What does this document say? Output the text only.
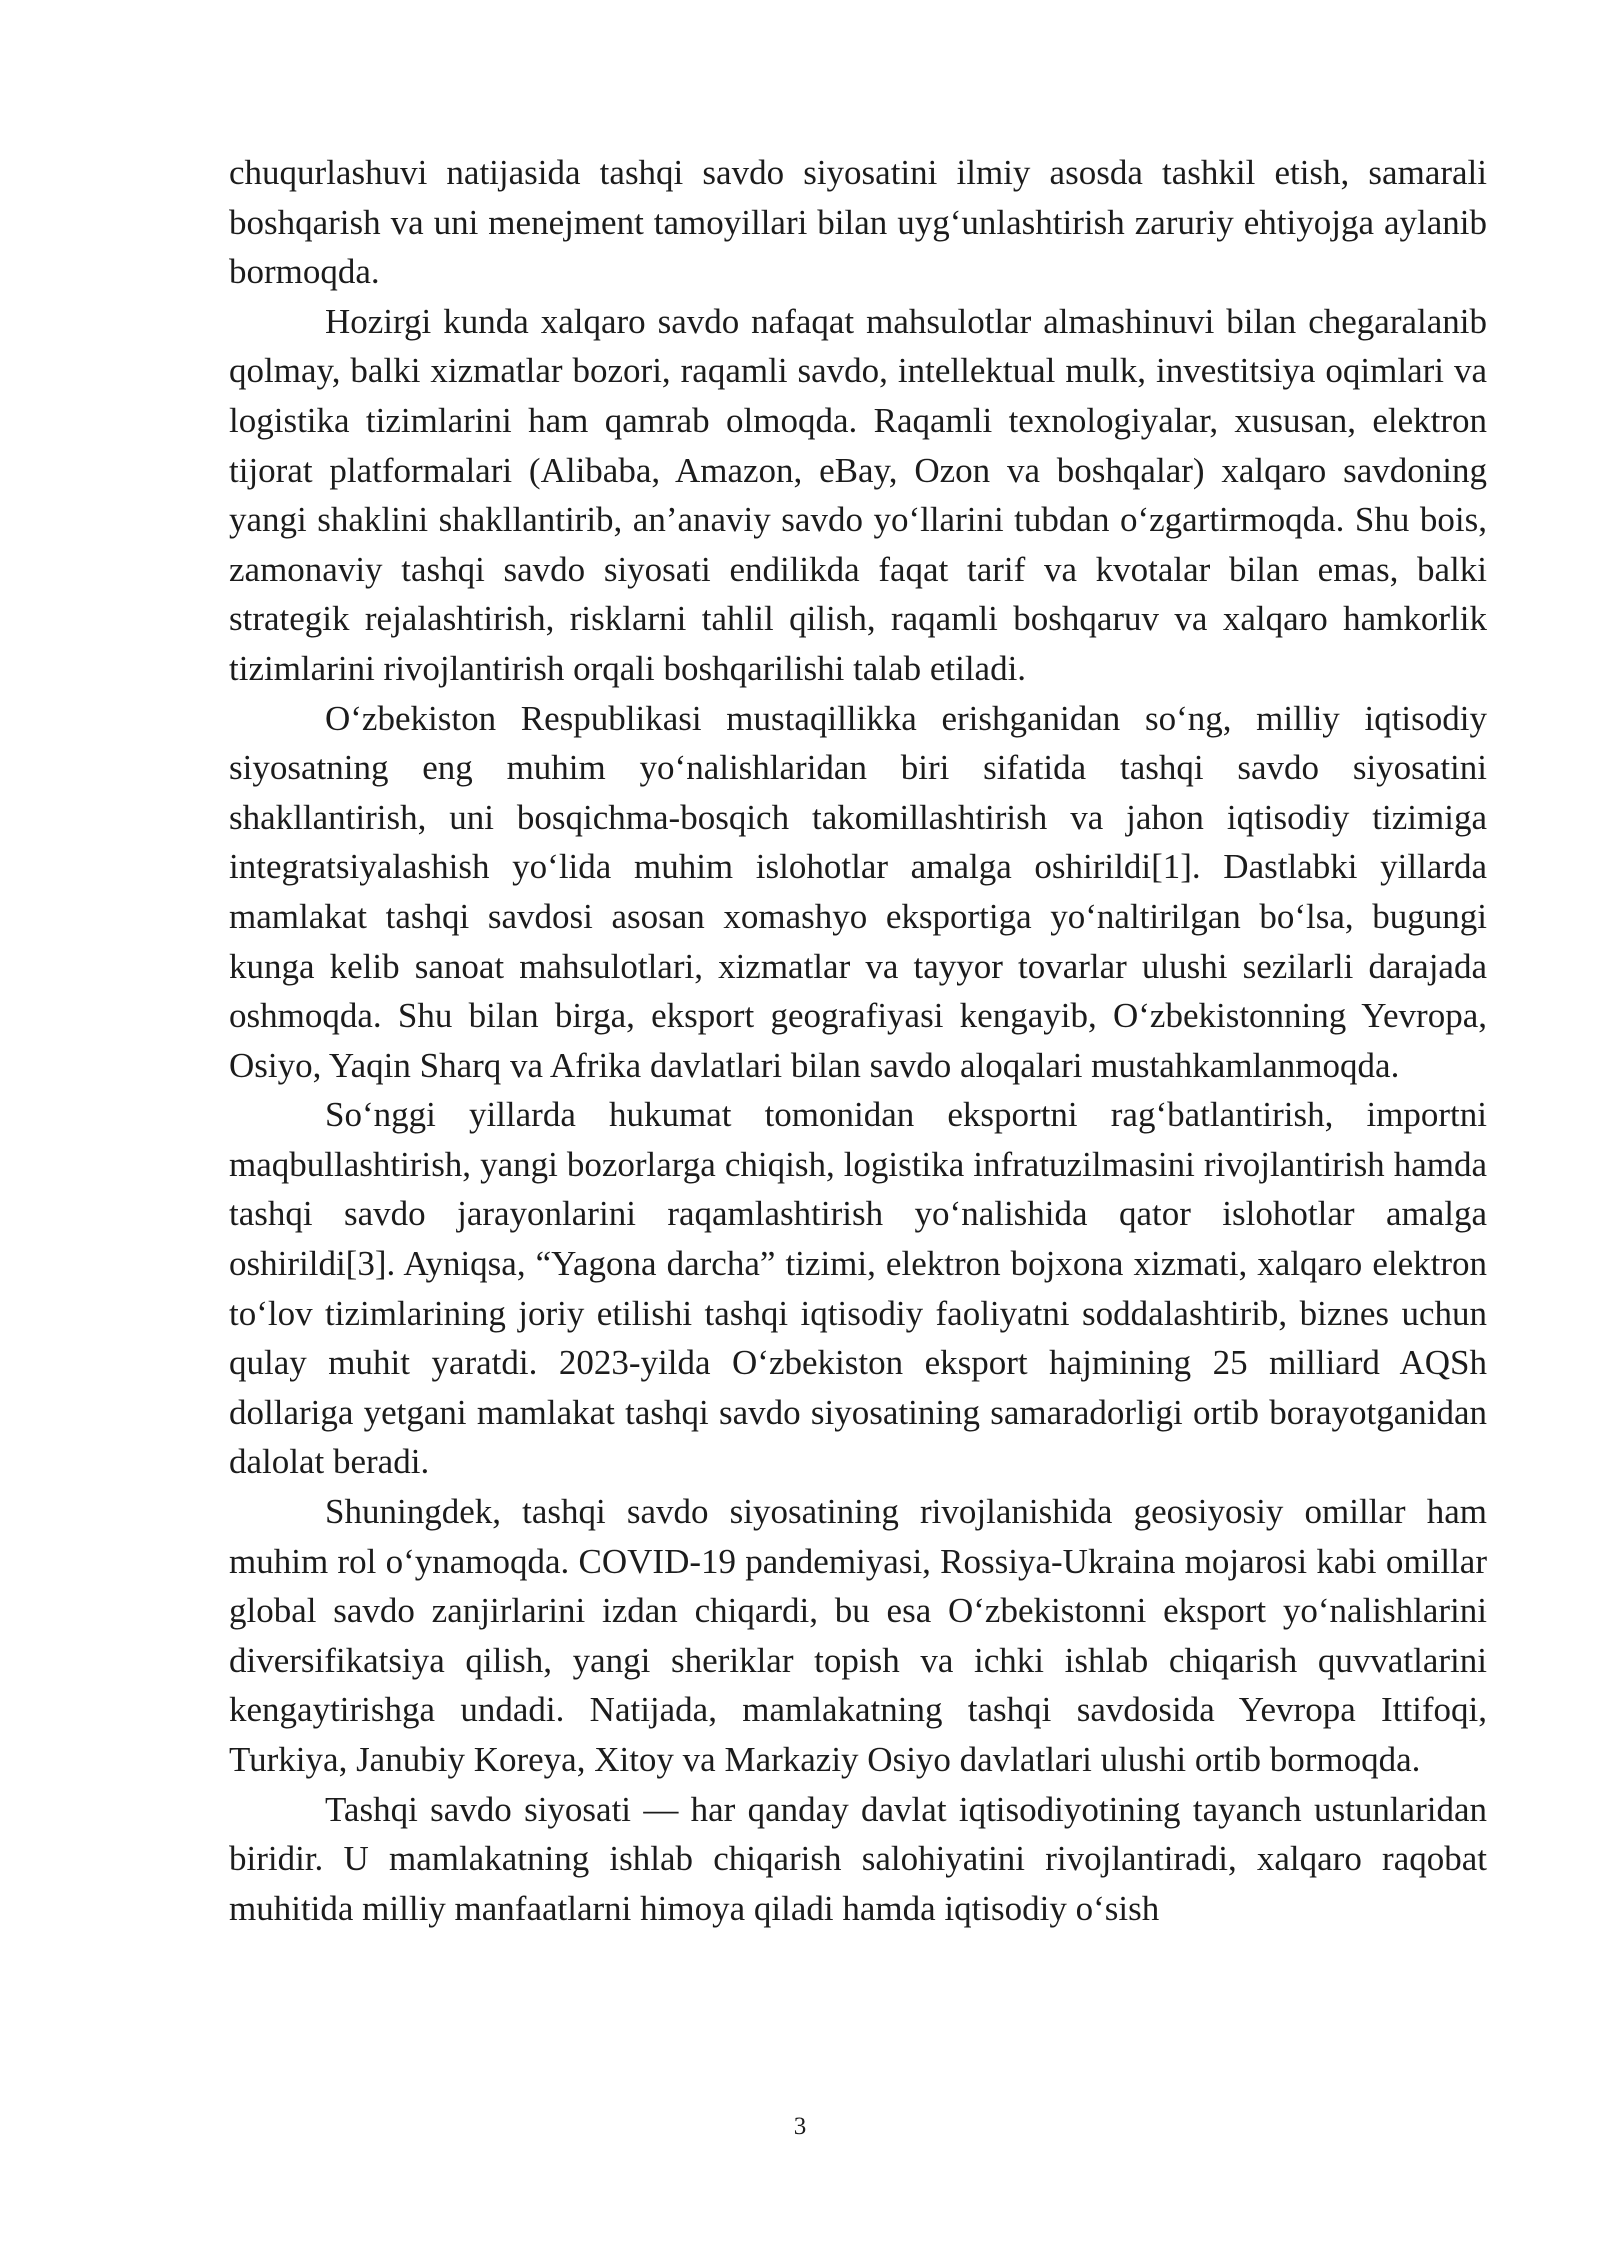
chuqurlashuvi natijasida tashqi savdo siyosatini ilmiy asosda tashkil etish, samarali boshqarish va uni menejment tamoyillari bilan uyg‘unlashtirish zaruriy ehtiyojga aylanib bormoqda.

Hozirgi kunda xalqaro savdo nafaqat mahsulotlar almashinuvi bilan chegaralanib qolmay, balki xizmatlar bozori, raqamli savdo, intellektual mulk, investitsiya oqimlari va logistika tizimlarini ham qamrab olmoqda. Raqamli texnologiyalar, xususan, elektron tijorat platformalari (Alibaba, Amazon, eBay, Ozon va boshqalar) xalqaro savdoning yangi shaklini shakllantirib, an’anaviy savdo yo‘llarini tubdan o‘zgartirmoqda. Shu bois, zamonaviy tashqi savdo siyosati endilikda faqat tarif va kvotalar bilan emas, balki strategik rejalashtirish, risklarni tahlil qilish, raqamli boshqaruv va xalqaro hamkorlik tizimlarini rivojlantirish orqali boshqarilishi talab etiladi.

O‘zbekiston Respublikasi mustaqillikka erishganidan so‘ng, milliy iqtisodiy siyosatning eng muhim yo‘nalishlaridan biri sifatida tashqi savdo siyosatini shakllantirish, uni bosqichma-bosqich takomillashtirish va jahon iqtisodiy tizimiga integratsiyalashish yo‘lida muhim islohotlar amalga oshirildi[1]. Dastlabki yillarda mamlakat tashqi savdosi asosan xomashyo eksportiga yo‘naltirilgan bo‘lsa, bugungi kunga kelib sanoat mahsulotlari, xizmatlar va tayyor tovarlar ulushi sezilarli darajada oshmoqda. Shu bilan birga, eksport geografiyasi kengayib, O‘zbekistonning Yevropa, Osiyo, Yaqin Sharq va Afrika davlatlari bilan savdo aloqalari mustahkamlanmoqda.

So‘nggi yillarda hukumat tomonidan eksportni rag‘batlantirish, importni maqbullashtirish, yangi bozorlarga chiqish, logistika infratuzilmasini rivojlantirish hamda tashqi savdo jarayonlarini raqamlashtirish yo‘nalishida qator islohotlar amalga oshirildi[3]. Ayniqsa, “Yagona darcha” tizimi, elektron bojxona xizmati, xalqaro elektron to‘lov tizimlarining joriy etilishi tashqi iqtisodiy faoliyatni soddalashtirib, biznes uchun qulay muhit yaratdi. 2023-yilda O‘zbekiston eksport hajmining 25 milliard AQSh dollariga yetgani mamlakat tashqi savdo siyosatining samaradorligi ortib borayotganidan dalolat beradi.

Shuningdek, tashqi savdo siyosatining rivojlanishida geosiyosiy omillar ham muhim rol o‘ynamoqda. COVID-19 pandemiyasi, Rossiya-Ukraina mojarosi kabi omillar global savdo zanjirlarini izdan chiqardi, bu esa O‘zbekistonni eksport yo‘nalishlarini diversifikatsiya qilish, yangi sheriklar topish va ichki ishlab chiqarish quvvatlarini kengaytirishga undadi. Natijada, mamlakatning tashqi savdosida Yevropa Ittifoqi, Turkiya, Janubiy Koreya, Xitoy va Markaziy Osiyo davlatlari ulushi ortib bormoqda.

Tashqi savdo siyosati — har qanday davlat iqtisodiyotining tayanch ustunlaridan biridir. U mamlakatning ishlab chiqarish salohiyatini rivojlantiradi, xalqaro raqobat muhitida milliy manfaatlarni himoya qiladi hamda iqtisodiy o‘sish

3
